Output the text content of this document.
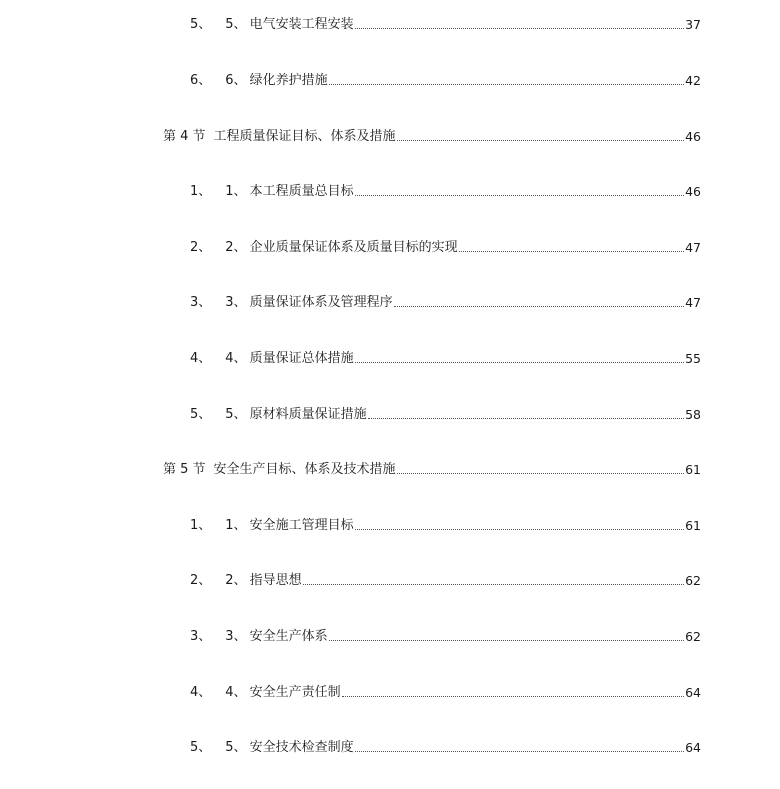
5、 5、 电气安装工程安装	37
6、 6、 绿化养护措施	42
第 4 节 工程质量保证目标、体系及措施	46
1、 1、 本工程质量总目标	46
2、 2、 企业质量保证体系及质量目标的实现	47
3、 3、 质量保证体系及管理程序	47
4、 4、 质量保证总体措施	55
5、 5、 原材料质量保证措施	58
第 5 节 安全生产目标、体系及技术措施	61
1、 1、 安全施工管理目标	61
2、 2、 指导思想	62
3、 3、 安全生产体系	62
4、 4、 安全生产责任制	64
5、 5、 安全技术检查制度	64
